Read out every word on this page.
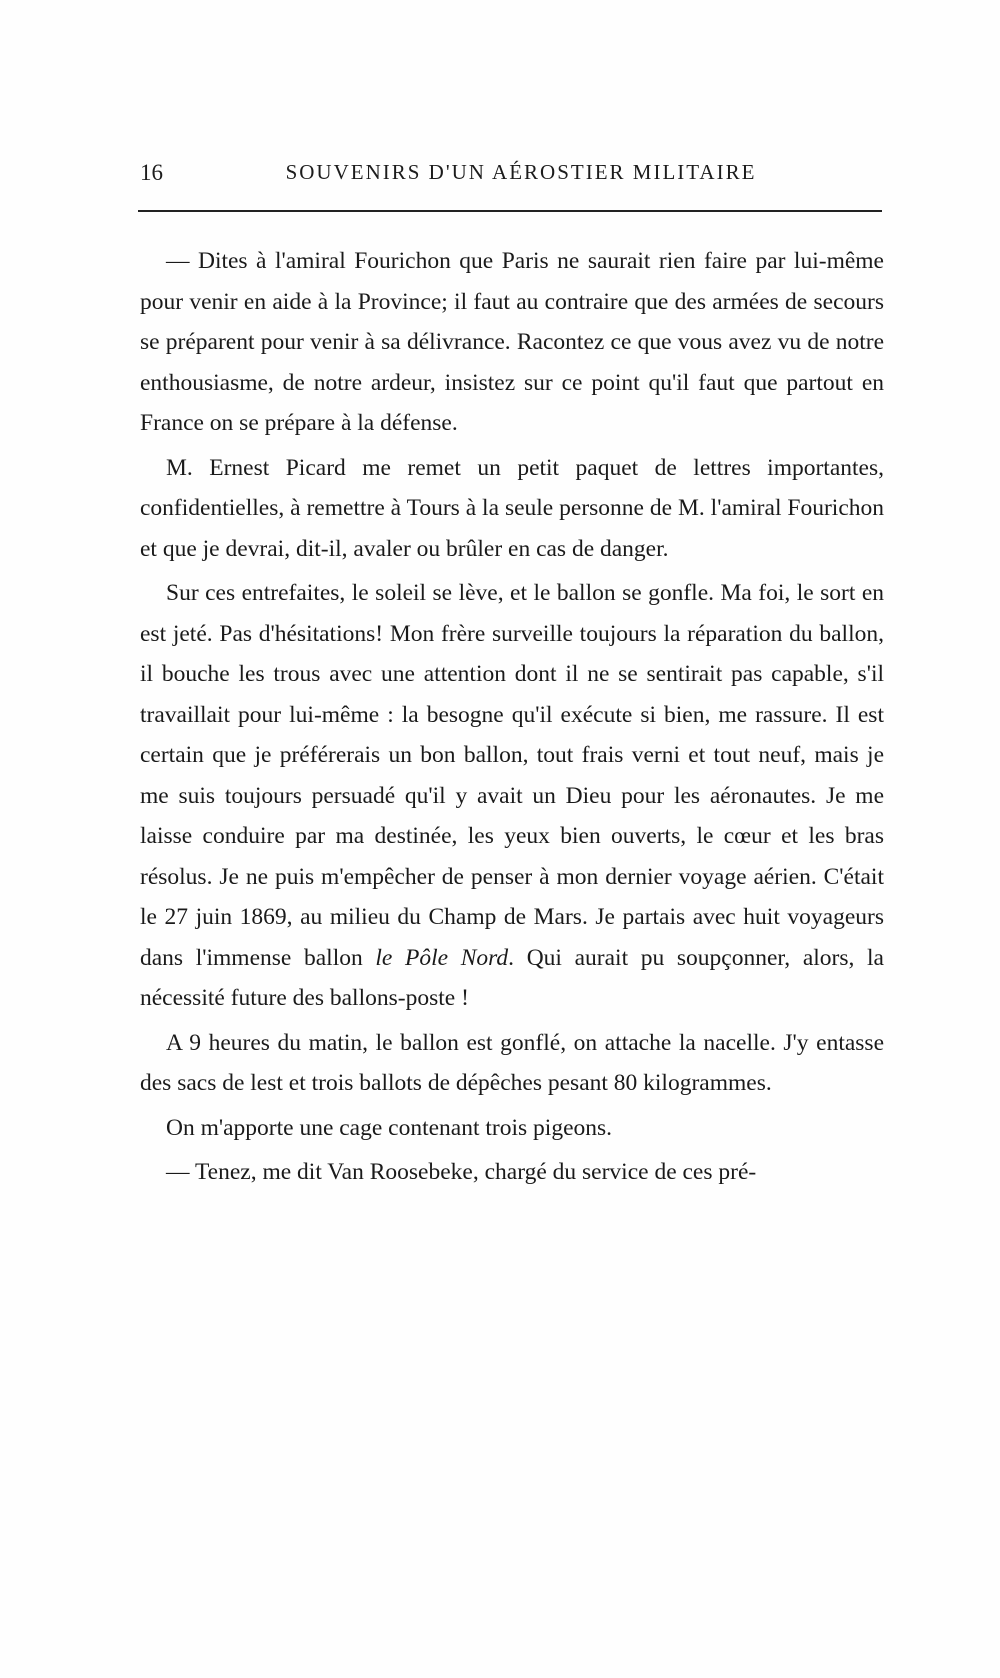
16	SOUVENIRS D'UN AÉROSTIER MILITAIRE

— Dites à l'amiral Fourichon que Paris ne saurait rien faire par lui-même pour venir en aide à la Province; il faut au contraire que des armées de secours se préparent pour venir à sa délivrance. Racontez ce que vous avez vu de notre enthousiasme, de notre ardeur, insistez sur ce point qu'il faut que partout en France on se prépare à la défense.

M. Ernest Picard me remet un petit paquet de lettres importantes, confidentielles, à remettre à Tours à la seule personne de M. l'amiral Fourichon et que je devrai, dit-il, avaler ou brûler en cas de danger.

Sur ces entrefaites, le soleil se lève, et le ballon se gonfle. Ma foi, le sort en est jeté. Pas d'hésitations! Mon frère surveille toujours la réparation du ballon, il bouche les trous avec une attention dont il ne se sentirait pas capable, s'il travaillait pour lui-même : la besogne qu'il exécute si bien, me rassure. Il est certain que je préférerais un bon ballon, tout frais verni et tout neuf, mais je me suis toujours persuadé qu'il y avait un Dieu pour les aéronautes. Je me laisse conduire par ma destinée, les yeux bien ouverts, le cœur et les bras résolus. Je ne puis m'empêcher de penser à mon dernier voyage aérien. C'était le 27 juin 1869, au milieu du Champ de Mars. Je partais avec huit voyageurs dans l'immense ballon le Pôle Nord. Qui aurait pu soupçonner, alors, la nécessité future des ballons-poste !

A 9 heures du matin, le ballon est gonflé, on attache la nacelle. J'y entasse des sacs de lest et trois ballots de dépêches pesant 80 kilogrammes.

On m'apporte une cage contenant trois pigeons.

— Tenez, me dit Van Roosebeke, chargé du service de ces pré-
